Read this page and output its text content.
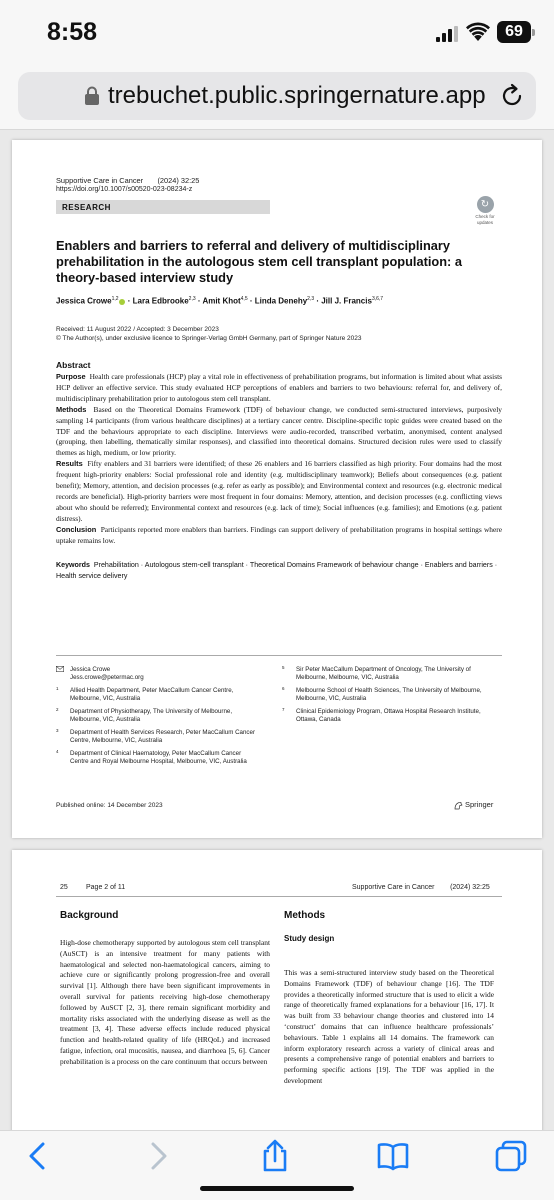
8:58	69
trebuchet.public.springernature.app
Supportive Care in Cancer (2024) 32:25
https://doi.org/10.1007/s00520-023-08234-z
RESEARCH	↻
Check for
updates
Enablers and barriers to referral and delivery of multidisciplinary prehabilitation in the autologous stem cell transplant population: a theory-based interview study
Jessica Crowe$^{1,2}$ · Lara Edbrooke$^{2,3}$ · Amit Khot$^{4,5}$ · Linda Denehy$^{2,3}$ · Jill J. Francis$^{3,6,7}$
Received: 11 August 2022 / Accepted: 3 December 2023
© The Author(s), under exclusive licence to Springer-Verlag GmbH Germany, part of Springer Nature 2023
Abstract
Purpose Health care professionals (HCP) play a vital role in effectiveness of prehabilitation programs, but information is limited about what assists HCP deliver an effective service. This study evaluated HCP perceptions of enablers and barriers to two behaviours: referral for, and delivery of, multidisciplinary prehabilitation prior to autologous stem cell transplant.
Methods Based on the Theoretical Domains Framework (TDF) of behaviour change, we conducted semi-structured interviews, purposively sampling 14 participants (from various healthcare disciplines) at a tertiary cancer centre. Discipline-specific topic guides were created based on the TDF and the behaviours appropriate to each discipline. Interviews were audio-recorded, transcribed verbatim, anonymised, content analysed (grouping, then labelling, thematically similar responses), and classified into theoretical domains. Structured decision rules were used to classify themes as high, medium, or low priority.
Results Fifty enablers and 31 barriers were identified; of these 26 enablers and 16 barriers classified as high priority. Four domains had the most frequent high-priority enablers: Social professional role and identity (e.g. multidisciplinary teamwork); Beliefs about consequences (e.g. patient benefit); Memory, attention, and decision processes (e.g. refer as early as possible); and Environmental context and resources (e.g. electronic medical records are beneficial). High-priority barriers were most frequent in four domains: Memory, attention, and decision processes (e.g. conflicting views about who should be referred); Environmental context and resources (e.g. lack of time); Social influences (e.g. families); and Emotions (e.g. patient distress).
Conclusion Participants reported more enablers than barriers. Findings can support delivery of prehabilitation programs in hospital settings where uptake remains low.
Keywords Prehabilitation · Autologous stem-cell transplant · Theoretical Domains Framework of behaviour change · Enablers and barriers · Health service delivery
Jessica Crowe
Jess.crowe@petermac.org
1 Allied Health Department, Peter MacCallum Cancer Centre, Melbourne, VIC, Australia
2 Department of Physiotherapy, The University of Melbourne, Melbourne, VIC, Australia
3 Department of Health Services Research, Peter MacCallum Cancer Centre, Melbourne, VIC, Australia
4 Department of Clinical Haematology, Peter MacCallum Cancer Centre and Royal Melbourne Hospital, Melbourne, VIC, Australia
5 Sir Peter MacCallum Department of Oncology, The University of Melbourne, Melbourne, VIC, Australia
6 Melbourne School of Health Sciences, The University of Melbourne, Melbourne, VIC, Australia
7 Clinical Epidemiology Program, Ottawa Hospital Research Institute, Ottawa, Canada
Published online: 14 December 2023	Springer
25	Page 2 of 11	Supportive Care in Cancer (2024) 32:25
Background
High-dose chemotherapy supported by autologous stem cell transplant (AuSCT) is an intensive treatment for many patients with haematological and selected non-haematological cancers, aiming to achieve cure or significantly prolong progression-free and overall survival [1]. Although there have been significant improvements in overall survival for patients receiving high-dose chemotherapy followed by AuSCT [2, 3], there remain significant morbidity and mortality risks associated with the underlying disease as well as the treatment [3, 4]. These adverse effects include reduced physical function and health-related quality of life (HRQoL) and increased fatigue, infection, oral mucositis, nausea, and diarrhoea [5, 6]. Cancer prehabilitation is a process on the care continuum that occurs between
Methods
Study design
This was a semi-structured interview study based on the Theoretical Domains Framework (TDF) of behaviour change [16]. The TDF provides a theoretically informed structure that is used to elicit a wide range of theoretically framed explanations for a behaviour [16, 17]. It was built from 33 behaviour change theories and clustered into 14 ‘construct’ domains that can influence healthcare professionals’ behaviours. Table 1 explains all 14 domains. The framework can inform exploratory research across a variety of clinical areas and presents a comprehensive range of potential enablers and barriers to performing specific actions [19]. The TDF was applied in the development
